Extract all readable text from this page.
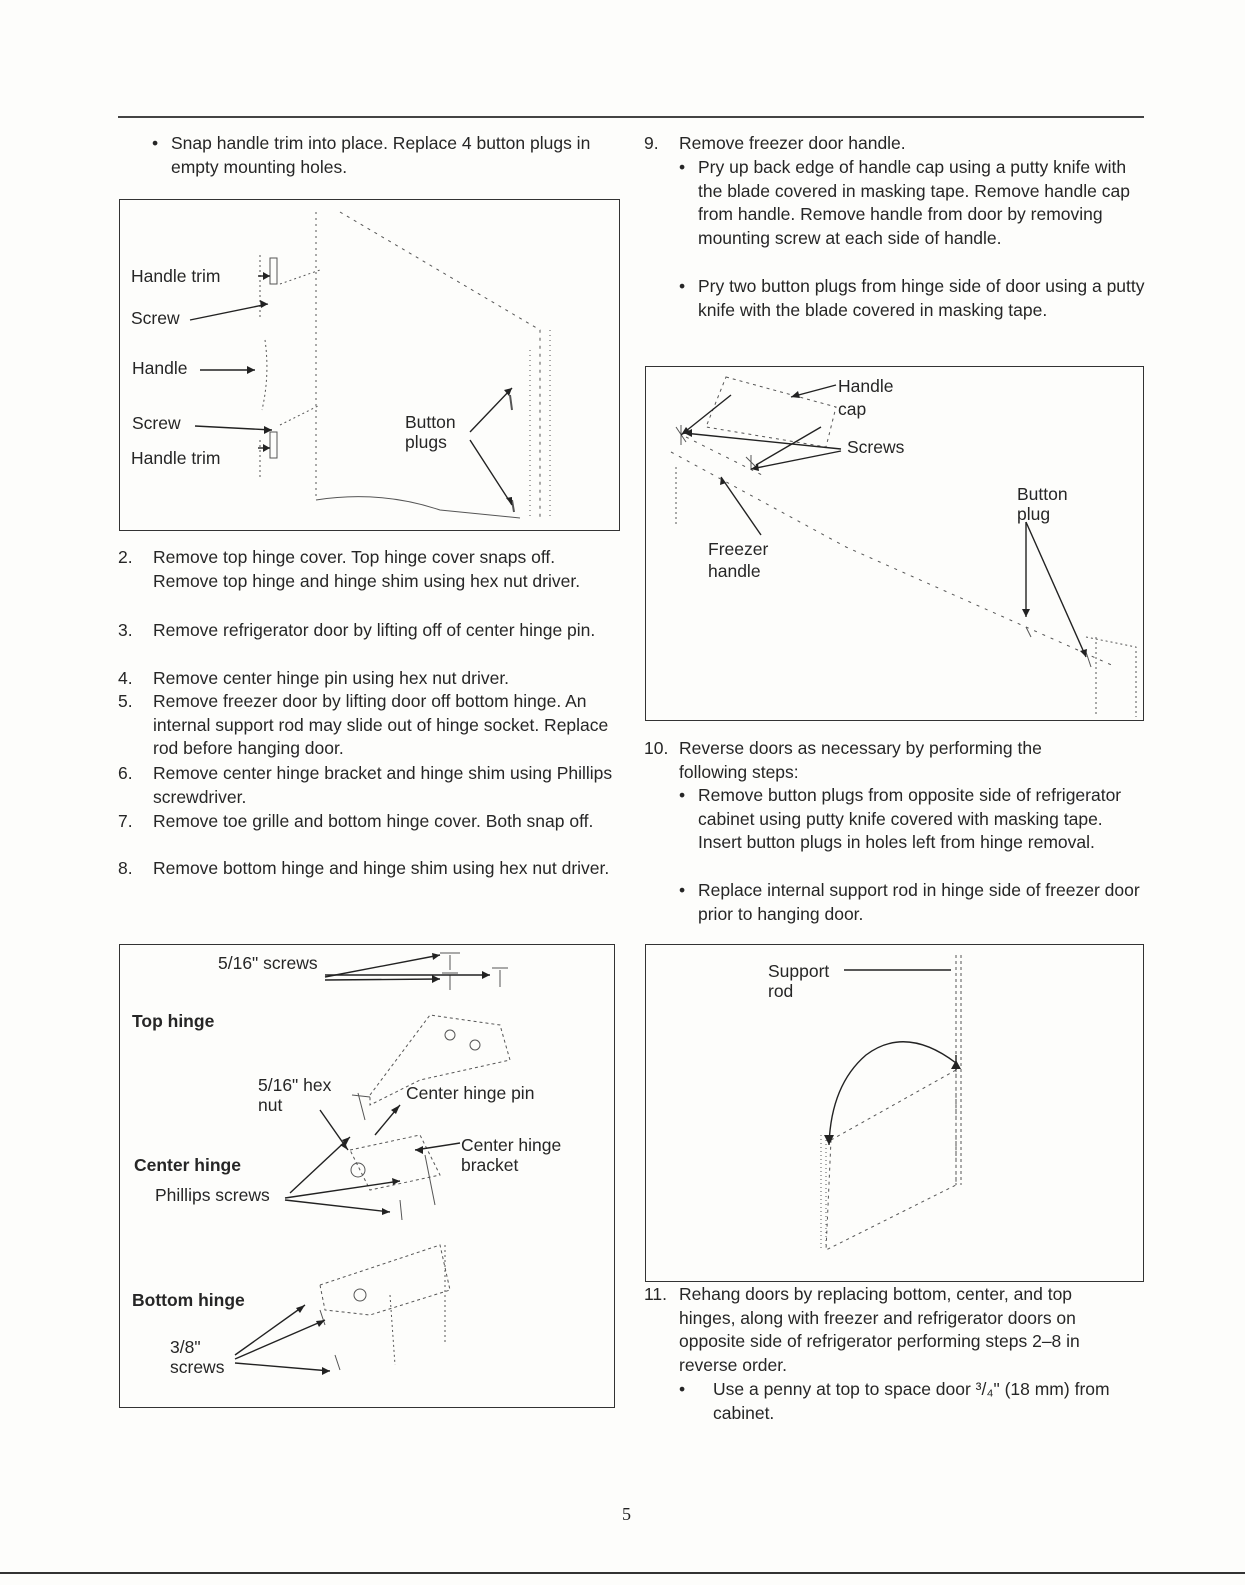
• Snap handle trim into place. Replace 4 button plugs in empty mounting holes.
Handle trim
Screw
Handle
Screw
Handle trim
Button plugs
2. Remove top hinge cover. Top hinge cover snaps off. Remove top hinge and hinge shim using hex nut driver.
3. Remove refrigerator door by lifting off of center hinge pin.
4. Remove center hinge pin using hex nut driver.
5. Remove freezer door by lifting door off bottom hinge. An internal support rod may slide out of hinge socket. Replace rod before hanging door.
6. Remove center hinge bracket and hinge shim using Phillips screwdriver.
7. Remove toe grille and bottom hinge cover. Both snap off.
8. Remove bottom hinge and hinge shim using hex nut driver.
5/16" screws
Top hinge
5/16" hex nut
Center hinge pin
Center hinge bracket
Center hinge
Phillips screws
Bottom hinge
3/8" screws
9. Remove freezer door handle.
• Pry up back edge of handle cap using a putty knife with the blade covered in masking tape. Remove handle cap from handle. Remove handle from door by removing mounting screw at each side of handle.
• Pry two button plugs from hinge side of door using a putty knife with the blade covered in masking tape.
Handle cap
Screws
Button plug
Freezer handle
10. Reverse doors as necessary by performing the following steps:
• Remove button plugs from opposite side of refrigerator cabinet using putty knife covered with masking tape. Insert button plugs in holes left from hinge removal.
• Replace internal support rod in hinge side of freezer door prior to hanging door.
Support rod
11. Rehang doors by replacing bottom, center, and top hinges, along with freezer and refrigerator doors on opposite side of refrigerator performing steps 2–8 in reverse order.
• Use a penny at top to space door ³/₄" (18 mm) from cabinet.
5
